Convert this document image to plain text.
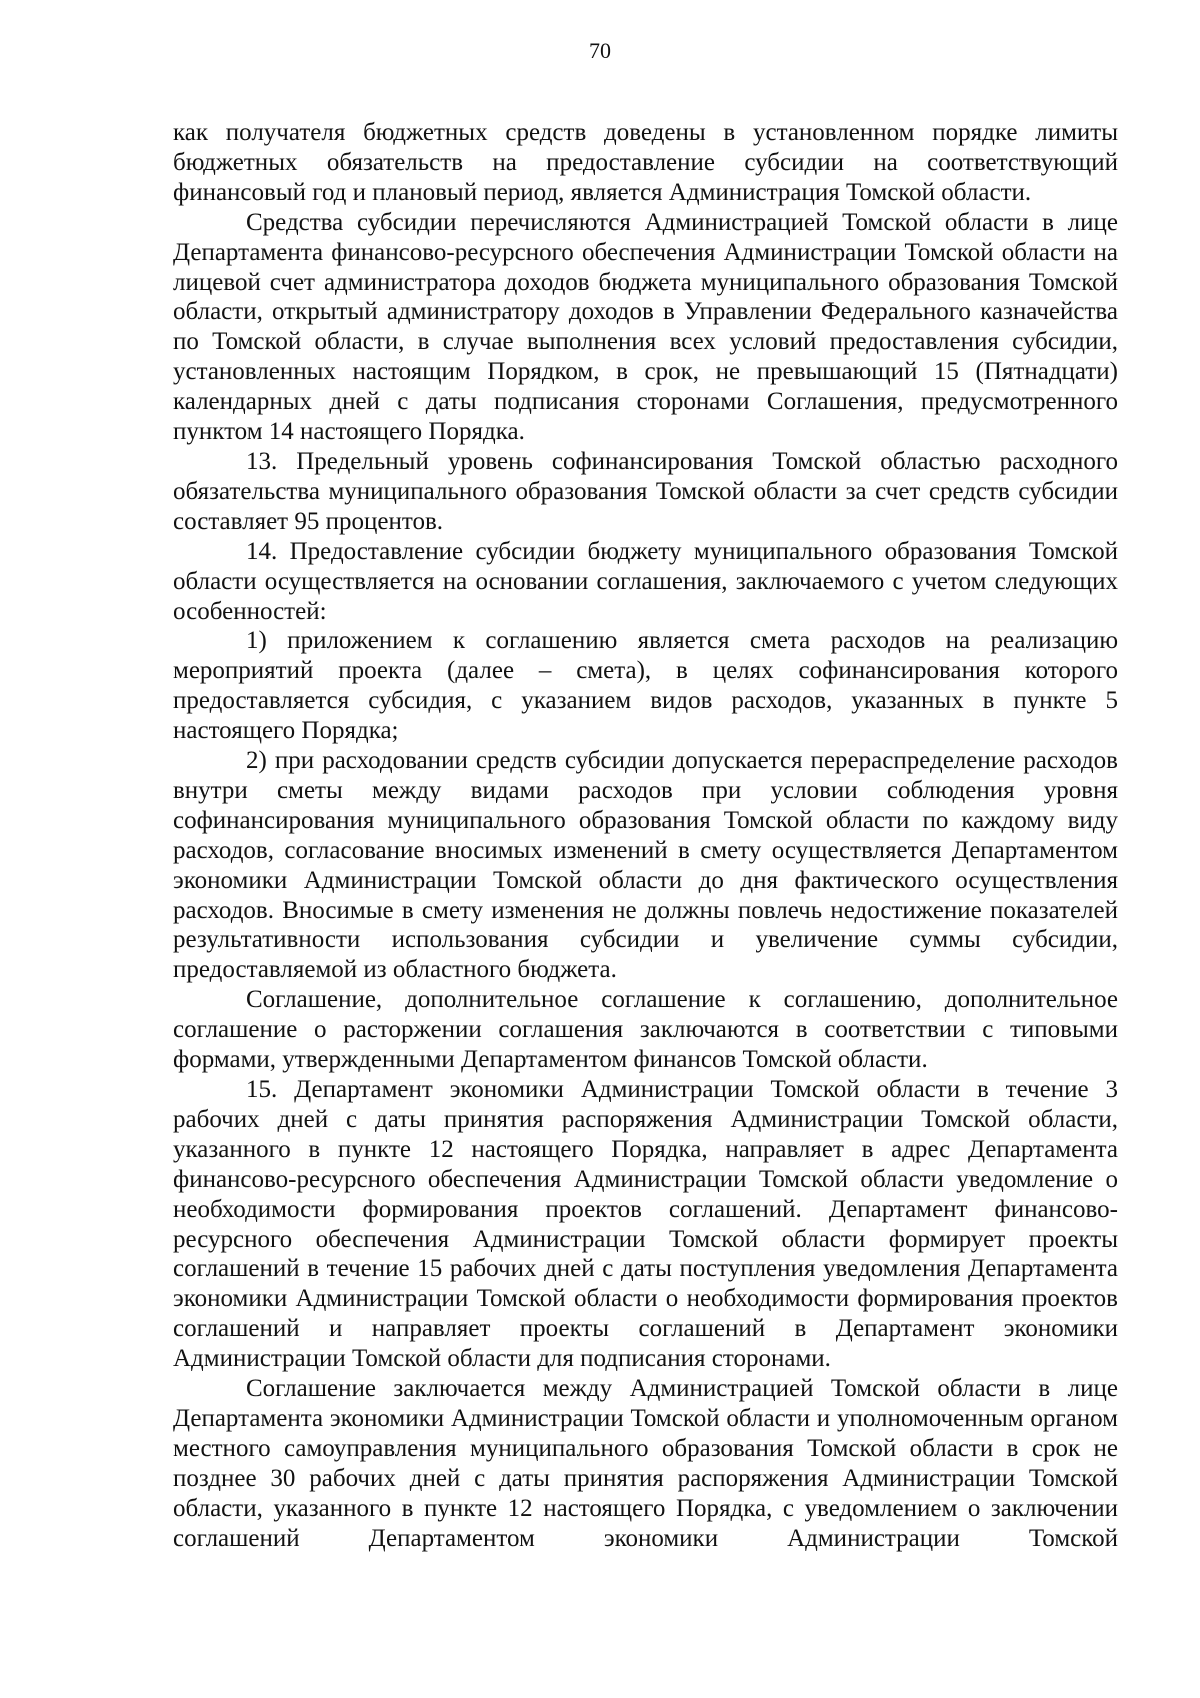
70

как получателя бюджетных средств доведены в установленном порядке лимиты бюджетных обязательств на предоставление субсидии на соответствующий финансовый год и плановый период, является Администрация Томской области.

Средства субсидии перечисляются Администрацией Томской области в лице Департамента финансово-ресурсного обеспечения Администрации Томской области на лицевой счет администратора доходов бюджета муниципального образования Томской области, открытый администратору доходов в Управлении Федерального казначейства по Томской области, в случае выполнения всех условий предоставления субсидии, установленных настоящим Порядком, в срок, не превышающий 15 (Пятнадцати) календарных дней с даты подписания сторонами Соглашения, предусмотренного пунктом 14 настоящего Порядка.

13. Предельный уровень софинансирования Томской областью расходного обязательства муниципального образования Томской области за счет средств субсидии составляет 95 процентов.

14. Предоставление субсидии бюджету муниципального образования Томской области осуществляется на основании соглашения, заключаемого с учетом следующих особенностей:

1) приложением к соглашению является смета расходов на реализацию мероприятий проекта (далее – смета), в целях софинансирования которого предоставляется субсидия, с указанием видов расходов, указанных в пункте 5 настоящего Порядка;

2) при расходовании средств субсидии допускается перераспределение расходов внутри сметы между видами расходов при условии соблюдения уровня софинансирования муниципального образования Томской области по каждому виду расходов, согласование вносимых изменений в смету осуществляется Департаментом экономики Администрации Томской области до дня фактического осуществления расходов. Вносимые в смету изменения не должны повлечь недостижение показателей результативности использования субсидии и увеличение суммы субсидии, предоставляемой из областного бюджета.

Соглашение, дополнительное соглашение к соглашению, дополнительное соглашение о расторжении соглашения заключаются в соответствии с типовыми формами, утвержденными Департаментом финансов Томской области.

15. Департамент экономики Администрации Томской области в течение 3 рабочих дней с даты принятия распоряжения Администрации Томской области, указанного в пункте 12 настоящего Порядка, направляет в адрес Департамента финансово-ресурсного обеспечения Администрации Томской области уведомление о необходимости формирования проектов соглашений. Департамент финансово-ресурсного обеспечения Администрации Томской области формирует проекты соглашений в течение 15 рабочих дней с даты поступления уведомления Департамента экономики Администрации Томской области о необходимости формирования проектов соглашений и направляет проекты соглашений в Департамент экономики Администрации Томской области для подписания сторонами.

Соглашение заключается между Администрацией Томской области в лице Департамента экономики Администрации Томской области и уполномоченным органом местного самоуправления муниципального образования Томской области в срок не позднее 30 рабочих дней с даты принятия распоряжения Администрации Томской области, указанного в пункте 12 настоящего Порядка, с уведомлением о заключении соглашений Департаментом экономики Администрации Томской
